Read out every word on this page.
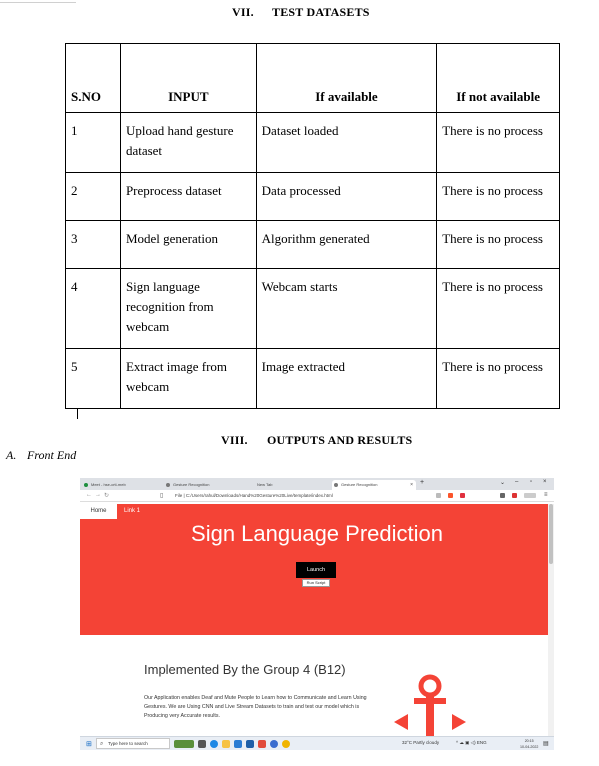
VII. TEST DATASETS
S.NO	INPUT	If available	If not available
1	Upload hand gesture dataset	Dataset loaded	There is no process
2	Preprocess dataset	Data processed	There is no process
3	Model generation	Algorithm generated	There is no process
4	Sign language recognition from webcam	Webcam starts	There is no process
5	Extract image from webcam	Image extracted	There is no process
VIII. OUTPUTS AND RESULTS
A. Front End
Meet - hse-crti-meb	Gesture Recognition	New Tab	Gesture Recognition	× +	⌄ – ▫ ×
← → ↻	▯	File | C:/Users/rahul/Downloads/Hand%20Gesture%20Live/template/index.html	≡
Home	Link 1
Sign Language Prediction
Launch
Run Script
Implemented By the Group 4 (B12)
Our Application enables Deaf and Mute People to Learn how to Communicate and Learn Using Gestures. We are Using CNN and Live Stream Datasets to train and test our model which is Producing very Accurate results.
⊞ ⌕ Type here to search	32°C Partly cloudy	^ ☁ ▣ ◁) ENG	20:15
10-04-2022 ▤
